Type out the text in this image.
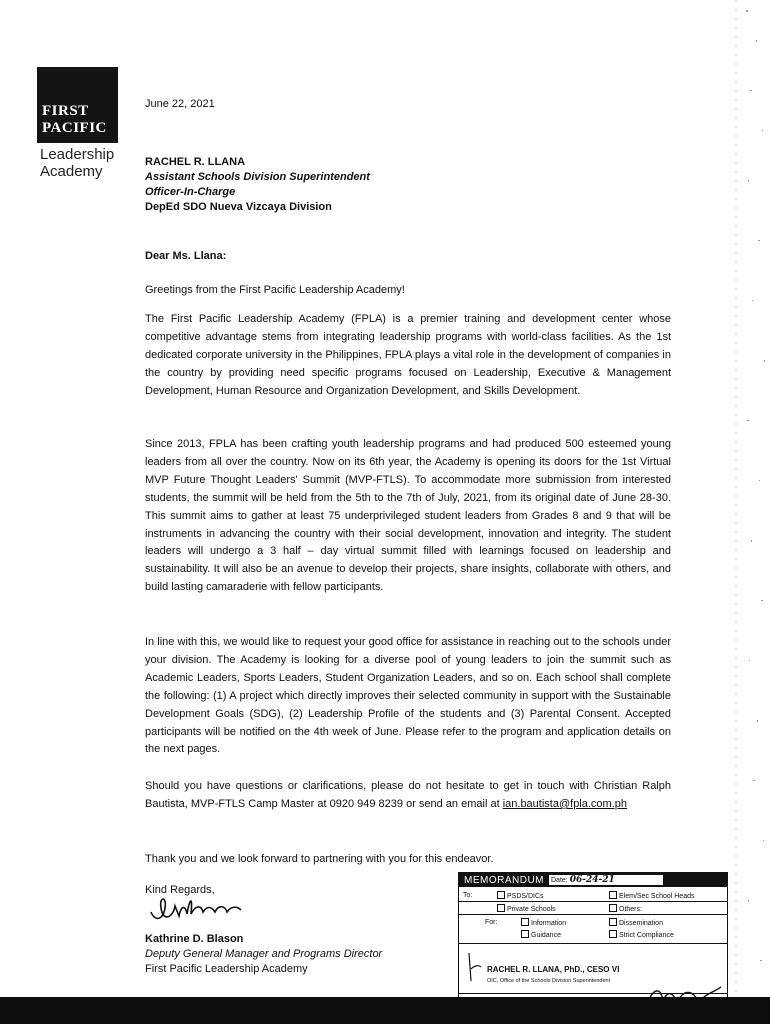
FIRST
PACIFIC
Leadership
Academy
June 22, 2021
RACHEL R. LLANA
Assistant Schools Division Superintendent
Officer-In-Charge
DepEd SDO Nueva Vizcaya Division
Dear Ms. Llana:
Greetings from the First Pacific Leadership Academy!

The First Pacific Leadership Academy (FPLA) is a premier training and development center whose competitive advantage stems from integrating leadership programs with world-class facilities. As the 1st dedicated corporate university in the Philippines, FPLA plays a vital role in the development of companies in the country by providing need specific programs focused on Leadership, Executive & Management Development, Human Resource and Organization Development, and Skills Development.

Since 2013, FPLA has been crafting youth leadership programs and had produced 500 esteemed young leaders from all over the country. Now on its 6th year, the Academy is opening its doors for the 1st Virtual MVP Future Thought Leaders' Summit (MVP-FTLS). To accommodate more submission from interested students, the summit will be held from the 5th to the 7th of July, 2021, from its original date of June 28-30. This summit aims to gather at least 75 underprivileged student leaders from Grades 8 and 9 that will be instruments in advancing the country with their social development, innovation and integrity. The student leaders will undergo a 3 half – day virtual summit filled with learnings focused on leadership and sustainability. It will also be an avenue to develop their projects, share insights, collaborate with others, and build lasting camaraderie with fellow participants.

In line with this, we would like to request your good office for assistance in reaching out to the schools under your division. The Academy is looking for a diverse pool of young leaders to join the summit such as Academic Leaders, Sports Leaders, Student Organization Leaders, and so on. Each school shall complete the following: (1) A project which directly improves their selected community in support with the Sustainable Development Goals (SDG), (2) Leadership Profile of the students and (3) Parental Consent. Accepted participants will be notified on the 4th week of June. Please refer to the program and application details on the next pages.

Should you have questions or clarifications, please do not hesitate to get in touch with Christian Ralph Bautista, MVP-FTLS Camp Master at 0920 949 8239 or send an email at ian.bautista@fpla.com.ph

Thank you and we look forward to partnering with you for this endeavor.
Kind Regards,
Kathrine D. Blason
Deputy General Manager and Programs Director
First Pacific Leadership Academy
MEMORANDUM Date: 06-24-21
To:	PSDS/DICs	Elem/Sec School Heads
Private Schools	Others:
For:	Information	Dissemination
Guidance	Strict Compliance
RACHEL R. LLANA, PhD., CESO VI
OIC, Office of the Schools Division Superintendent
